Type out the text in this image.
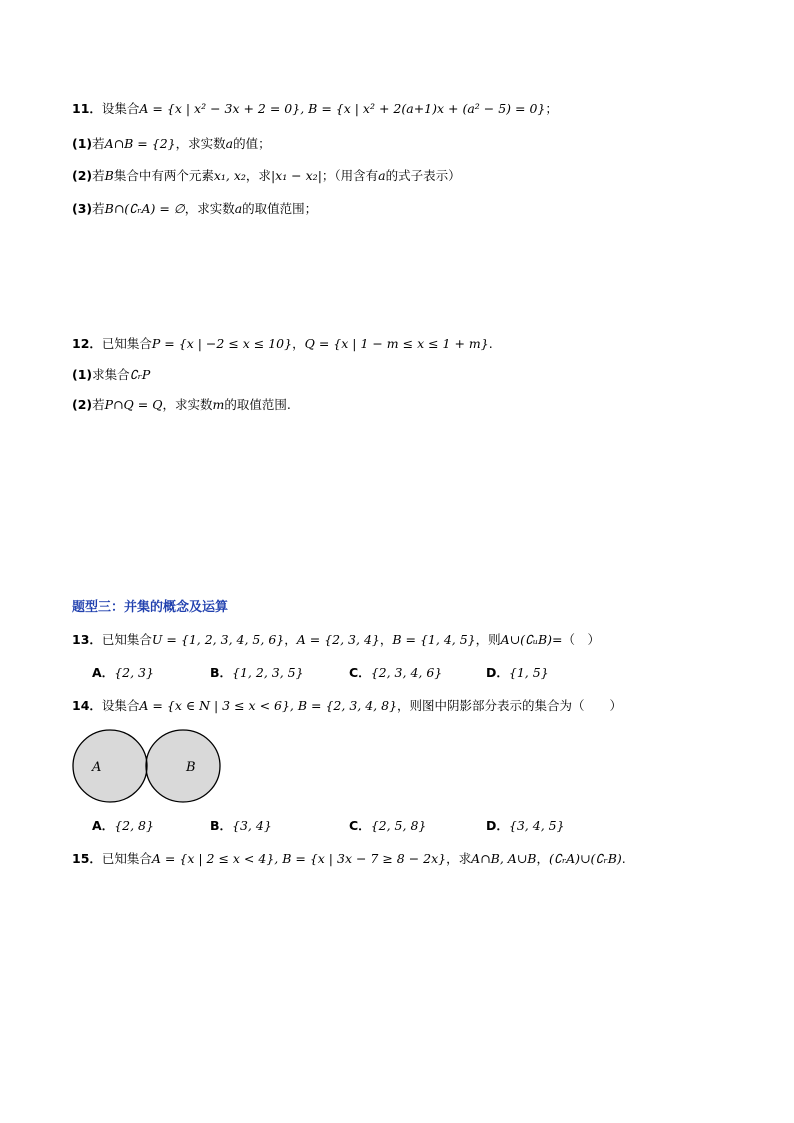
11．设集合A = {x | x² − 3x + 2 = 0}, B = {x | x² + 2(a+1)x + (a² − 5) = 0}；
(1)若A∩B = {2}，求实数a的值；
(2)若B集合中有两个元素x₁, x₂，求|x₁ − x₂|；（用含有a的式子表示）
(3)若B∩(∁ᵣA) = ∅，求实数a的取值范围；
12．已知集合P = {x | −2 ≤ x ≤ 10}，Q = {x | 1 − m ≤ x ≤ 1 + m}.
(1)求集合∁ᵣP
(2)若P∩Q = Q，求实数m的取值范围.
题型三：并集的概念及运算
13．已知集合U = {1, 2, 3, 4, 5, 6}，A = {2, 3, 4}，B = {1, 4, 5}，则A∪(∁ᵤB)=（　）
A．{2, 3}	B．{1, 2, 3, 5}	C．{2, 3, 4, 6}	D．{1, 5}
14．设集合A = {x ∈ N | 3 ≤ x < 6}, B = {2, 3, 4, 8}，则图中阴影部分表示的集合为（　　）
A	B
A．{2, 8}	B．{3, 4}	C．{2, 5, 8}	D．{3, 4, 5}
15．已知集合A = {x | 2 ≤ x < 4}, B = {x | 3x − 7 ≥ 8 − 2x}，求A∩B, A∪B，(∁ᵣA)∪(∁ᵣB).
